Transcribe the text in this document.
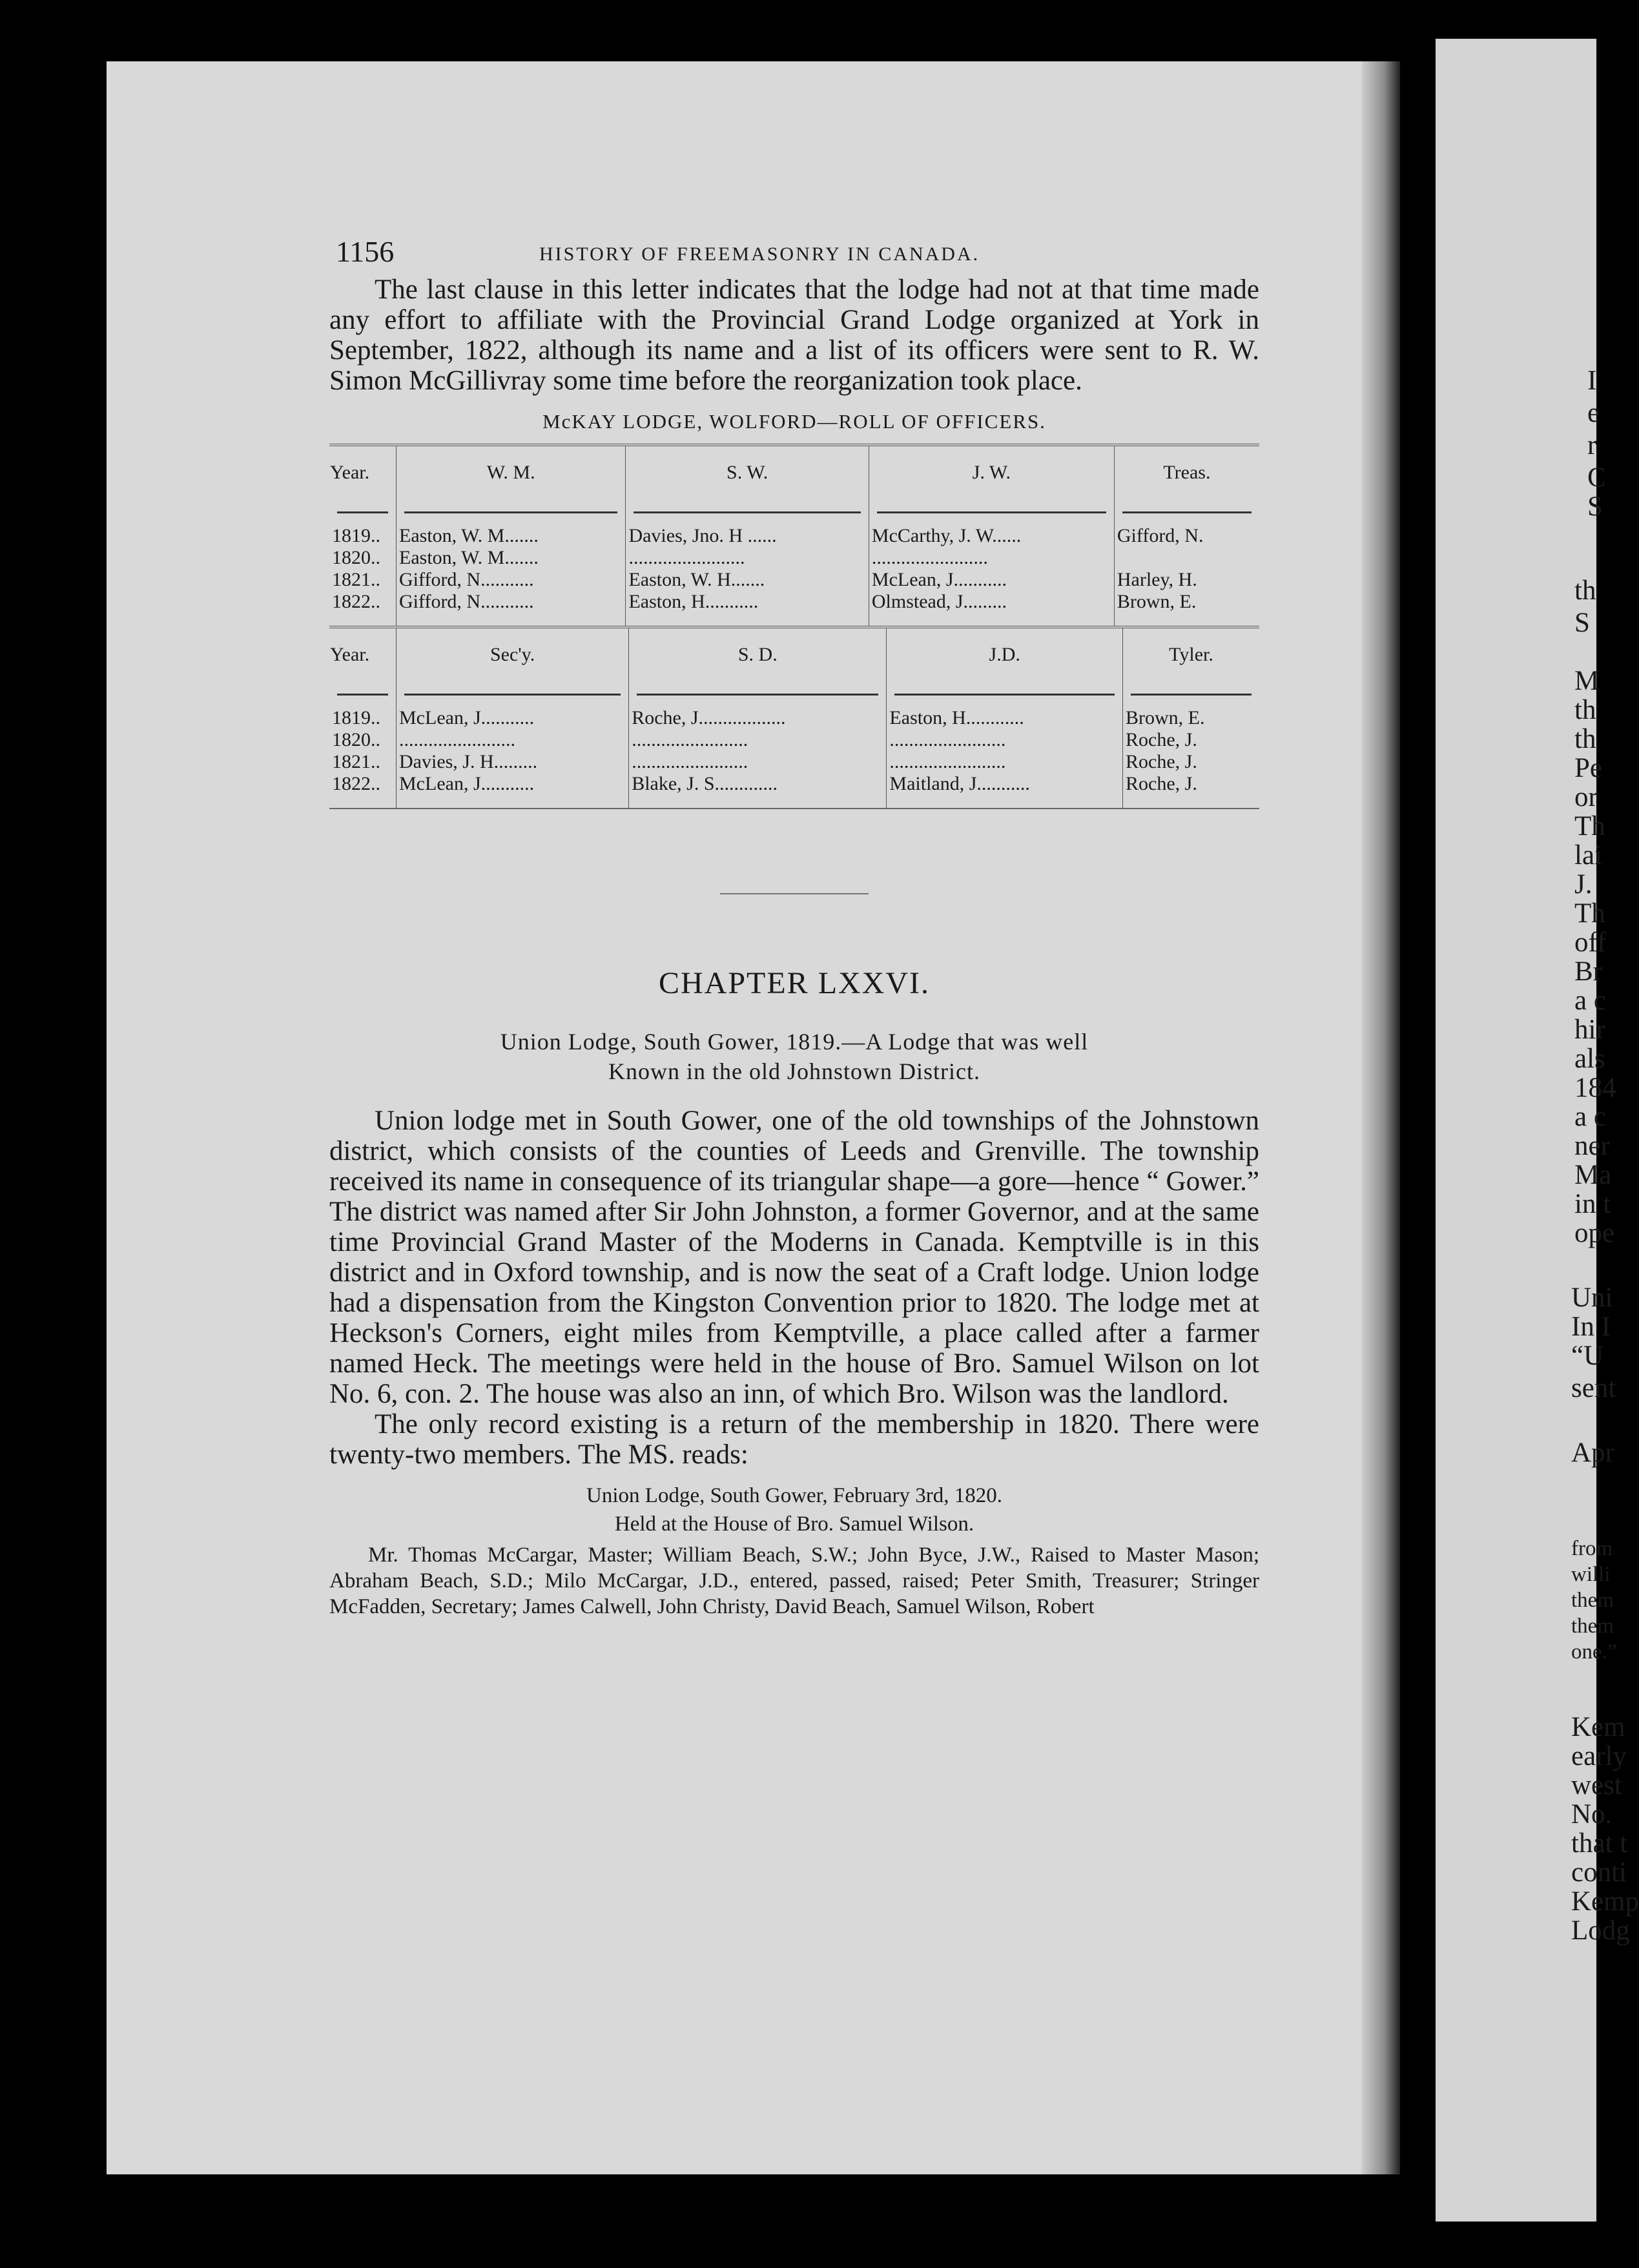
I
e
r
C
S
th
S
M
th
th
Pe
or
Th
lai
J.
Th
off
Br
a c
hir
als
184
a c
ner
Ma
in t
ope
Uni
In I
“U
sent
Apr
from
willi
them
them
one.”
Kem
early
west
No.
that t
conti
Kemp
Lodg
1156	HISTORY OF FREEMASONRY IN CANADA.

The last clause in this letter indicates that the lodge had not at that time made any effort to affiliate with the Provincial Grand Lodge organized at York in September, 1822, although its name and a list of its officers were sent to R. W. Simon McGillivray some time before the reorganization took place.

McKAY LODGE, WOLFORD—ROLL OF OFFICERS.
Year.	W. M.	S. W.	J. W.	Treas.

1819..	Easton, W. M.......	Davies, Jno. H ......	McCarthy, J. W......	Gifford, N.
1820..	Easton, W. M.......	........................	........................	
1821..	Gifford, N...........	Easton, W. H.......	McLean, J...........	Harley, H.
1822..	Gifford, N...........	Easton, H...........	Olmstead, J.........	Brown, E.

Year.	Sec'y.	S. D.	J.D.	Tyler.

1819..	McLean, J...........	Roche, J..................	Easton, H............	Brown, E.
1820..	........................	........................	........................	Roche, J.
1821..	Davies, J. H.........	........................	........................	Roche, J.
1822..	McLean, J...........	Blake, J. S.............	Maitland, J...........	Roche, J.

CHAPTER LXXVI.
Union Lodge, South Gower, 1819.—A Lodge that was well
Known in the old Johnstown District.

Union lodge met in South Gower, one of the old townships of the Johnstown district, which consists of the counties of Leeds and Grenville. The township received its name in consequence of its triangular shape—a gore—hence “ Gower.” The district was named after Sir John Johnston, a former Governor, and at the same time Provincial Grand Master of the Moderns in Canada. Kemptville is in this district and in Oxford township, and is now the seat of a Craft lodge. Union lodge had a dispensation from the Kingston Convention prior to 1820. The lodge met at Heckson's Corners, eight miles from Kemptville, a place called after a farmer named Heck. The meetings were held in the house of Bro. Samuel Wilson on lot No. 6, con. 2. The house was also an inn, of which Bro. Wilson was the landlord.

The only record existing is a return of the membership in 1820. There were twenty-two members. The MS. reads:

Union Lodge, South Gower, February 3rd, 1820.
Held at the House of Bro. Samuel Wilson.

Mr. Thomas McCargar, Master; William Beach, S.W.; John Byce, J.W., Raised to Master Mason; Abraham Beach, S.D.; Milo McCargar, J.D., entered, passed, raised; Peter Smith, Treasurer; Stringer McFadden, Secretary; James Calwell, John Christy, David Beach, Samuel Wilson, Robert
